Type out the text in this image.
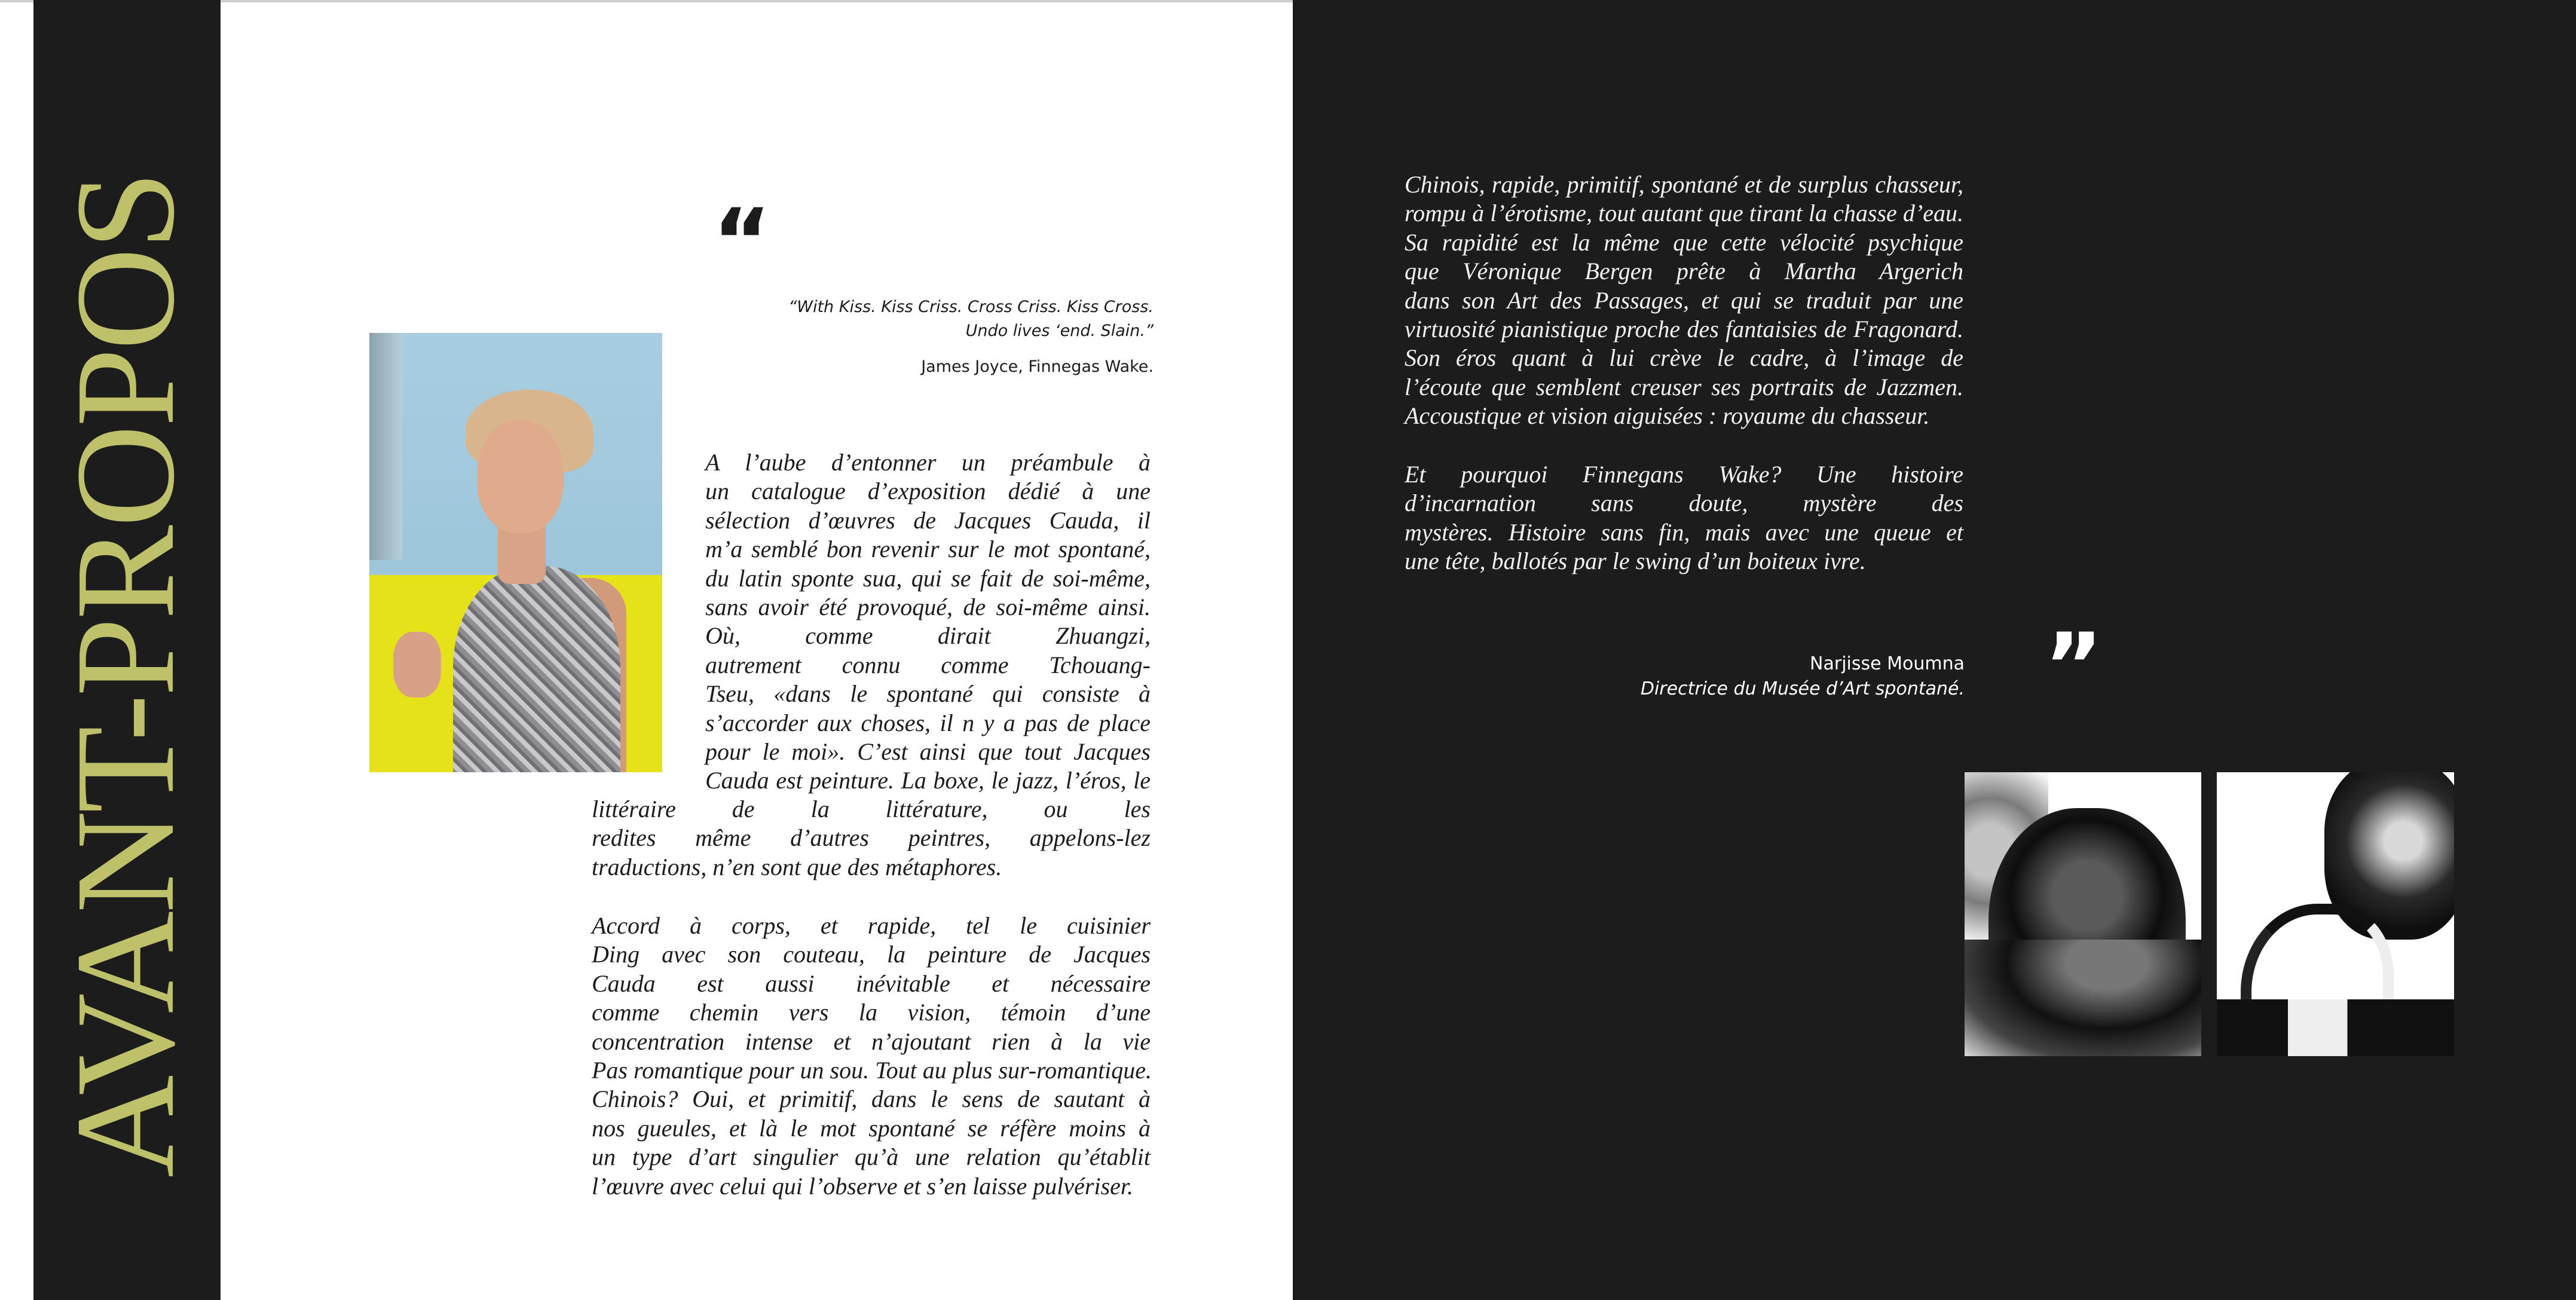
AVANT-PROPOS	“
“With Kiss. Kiss Criss. Cross Criss. Kiss Cross.
Undo lives ‘end. Slain.”
James Joyce, Finnegas Wake.
A l’aube d’entonner un préambule à
un catalogue d’exposition dédié à une
sélection d’œuvres de Jacques Cauda, il
m’a semblé bon revenir sur le mot spontané,
du latin sponte sua, qui se fait de soi-même,
sans avoir été provoqué, de soi-même ainsi.
Où, comme dirait Zhuangzi,
autrement connu comme Tchouang-
Tseu, «dans le spontané qui consiste à
s’accorder aux choses, il n y a pas de place
pour le moi». C’est ainsi que tout Jacques
Cauda est peinture. La boxe, le jazz, l’éros, le
littéraire de la littérature, ou les
redites même d’autres peintres, appelons-lez
traductions, n’en sont que des métaphores.
Accord à corps, et rapide, tel le cuisinier
Ding avec son couteau, la peinture de Jacques
Cauda est aussi inévitable et nécessaire
comme chemin vers la vision, témoin d’une
concentration intense et n’ajoutant rien à la vie
Pas romantique pour un sou. Tout au plus sur-romantique.
Chinois? Oui, et primitif, dans le sens de sautant à
nos gueules, et là le mot spontané se réfère moins à
un type d’art singulier qu’à une relation qu’établit
l’œuvre avec celui qui l’observe et s’en laisse pulvériser.
Chinois, rapide, primitif, spontané et de surplus chasseur,
rompu à l’érotisme, tout autant que tirant la chasse d’eau.
Sa rapidité est la même que cette vélocité psychique
que Véronique Bergen prête à Martha Argerich
dans son Art des Passages, et qui se traduit par une
virtuosité pianistique proche des fantaisies de Fragonard.
Son éros quant à lui crève le cadre, à l’image de
l’écoute que semblent creuser ses portraits de Jazzmen.
Accoustique et vision aiguisées : royaume du chasseur.
Et pourquoi Finnegans Wake? Une histoire
d’incarnation sans doute, mystère des
mystères. Histoire sans fin, mais avec une queue et
une tête, ballotés par le swing d’un boiteux ivre.
”
Narjisse Moumna
Directrice du Musée d’Art spontané.
